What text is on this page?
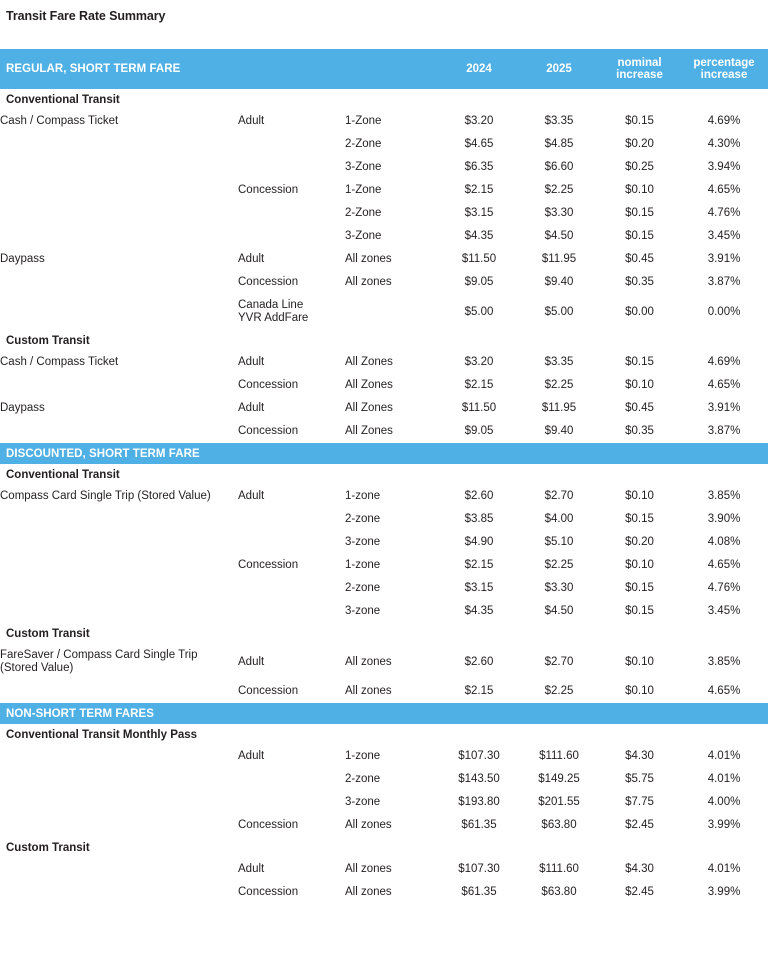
Transit Fare Rate Summary
REGULAR, SHORT TERM FARE			2024	2025	nominal
increase	percentage
increase
Conventional Transit						
Cash / Compass Ticket	Adult	1-Zone	$3.20	$3.35	$0.15	4.69%
		2-Zone	$4.65	$4.85	$0.20	4.30%
		3-Zone	$6.35	$6.60	$0.25	3.94%
	Concession	1-Zone	$2.15	$2.25	$0.10	4.65%
		2-Zone	$3.15	$3.30	$0.15	4.76%
		3-Zone	$4.35	$4.50	$0.15	3.45%
Daypass	Adult	All zones	$11.50	$11.95	$0.45	3.91%
	Concession	All zones	$9.05	$9.40	$0.35	3.87%
	Canada Line
YVR AddFare		$5.00	$5.00	$0.00	0.00%
Custom Transit						
Cash / Compass Ticket	Adult	All Zones	$3.20	$3.35	$0.15	4.69%
	Concession	All Zones	$2.15	$2.25	$0.10	4.65%
Daypass	Adult	All Zones	$11.50	$11.95	$0.45	3.91%
	Concession	All Zones	$9.05	$9.40	$0.35	3.87%
DISCOUNTED, SHORT TERM FARE						
Conventional Transit						
Compass Card Single Trip (Stored Value)	Adult	1-zone	$2.60	$2.70	$0.10	3.85%
		2-zone	$3.85	$4.00	$0.15	3.90%
		3-zone	$4.90	$5.10	$0.20	4.08%
	Concession	1-zone	$2.15	$2.25	$0.10	4.65%
		2-zone	$3.15	$3.30	$0.15	4.76%
		3-zone	$4.35	$4.50	$0.15	3.45%
Custom Transit						
FareSaver / Compass Card Single Trip (Stored Value)	Adult	All zones	$2.60	$2.70	$0.10	3.85%
	Concession	All zones	$2.15	$2.25	$0.10	4.65%
NON-SHORT TERM FARES						
Conventional Transit Monthly Pass						
	Adult	1-zone	$107.30	$111.60	$4.30	4.01%
		2-zone	$143.50	$149.25	$5.75	4.01%
		3-zone	$193.80	$201.55	$7.75	4.00%
	Concession	All zones	$61.35	$63.80	$2.45	3.99%
Custom Transit						
	Adult	All zones	$107.30	$111.60	$4.30	4.01%
	Concession	All zones	$61.35	$63.80	$2.45	3.99%
